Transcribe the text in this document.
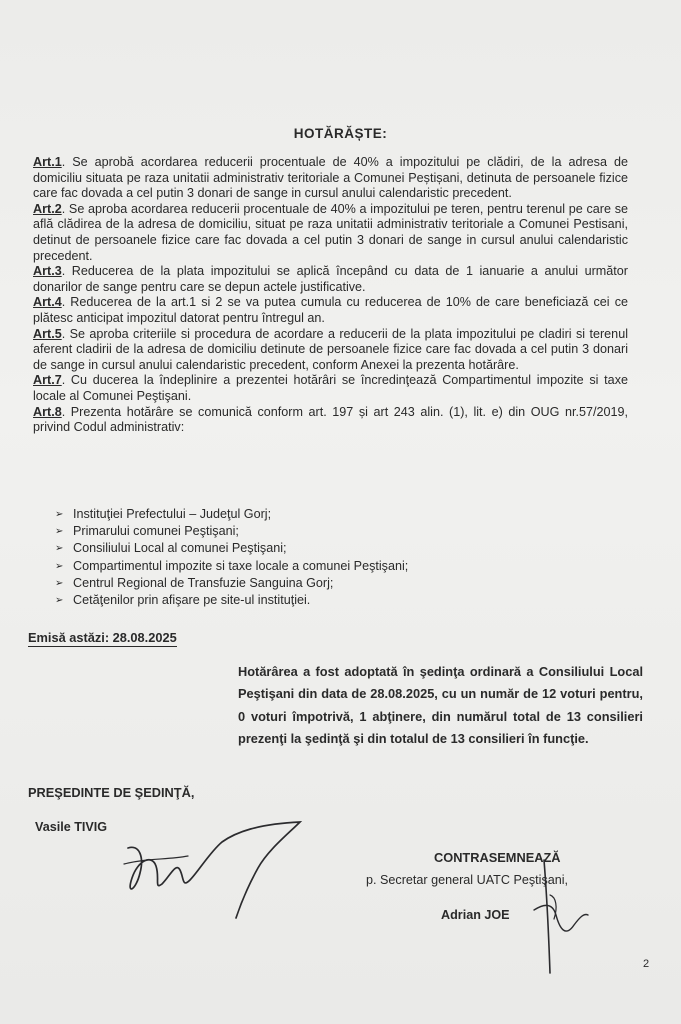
HOTĂRĂȘTE:

Art.1. Se aprobă acordarea reducerii procentuale de 40% a impozitului pe clădiri, de la adresa de domiciliu situata pe raza unitatii administrativ teritoriale a Comunei Peștișani, detinuta de persoanele fizice care fac dovada a cel putin 3 donari de sange in cursul anului calendaristic precedent.

Art.2. Se aproba acordarea reducerii procentuale de 40% a impozitului pe teren, pentru terenul pe care se află clădirea de la adresa de domiciliu, situat pe raza unitatii administrativ teritoriale a Comunei Pestisani, detinut de persoanele fizice care fac dovada a cel putin 3 donari de sange in cursul anului calendaristic precedent.

Art.3. Reducerea de la plata impozitului se aplică începând cu data de 1 ianuarie a anului următor donarilor de sange pentru care se depun actele justificative.

Art.4. Reducerea de la art.1 si 2 se va putea cumula cu reducerea de 10% de care beneficiază cei ce plătesc anticipat impozitul datorat pentru întregul an.

Art.5. Se aproba criteriile si procedura de acordare a reducerii de la plata impozitului pe cladiri si terenul aferent cladirii de la adresa de domiciliu detinute de persoanele fizice care fac dovada a cel putin 3 donari de sange in cursul anului calendaristic precedent, conform Anexei la prezenta hotărâre.

Art.7. Cu ducerea la îndeplinire a prezentei hotărâri se încredinţează Compartimentul impozite si taxe locale al Comunei Peştişani.

Art.8. Prezenta hotărâre se comunică conform art. 197 și art 243 alin. (1), lit. e) din OUG nr.57/2019, privind Codul administrativ:

➢ Instituţiei Prefectului – Judeţul Gorj;
➢ Primarului comunei Peştişani;
➢ Consiliului Local al comunei Peştişani;
➢ Compartimentul impozite si taxe locale a comunei Peştişani;
➢ Centrul Regional de Transfuzie Sanguina Gorj;
➢ Cetăţenilor prin afişare pe site-ul instituţiei.
Emisă astăzi: 28.08.2025
Hotărârea a fost adoptată în şedinţa ordinară a Consiliului Local Peştişani din data de 28.08.2025, cu un număr de 12 voturi pentru, 0 voturi împotrivă, 1 abţinere, din numărul total de 13 consilieri prezenţi la şedinţă şi din totalul de 13 consilieri în funcţie.
PREŞEDINTE DE ŞEDINŢĂ,
Vasile TIVIG
CONTRASEMNEAZĂ
p. Secretar general UATC Peştişani,
Adrian JOE
2
